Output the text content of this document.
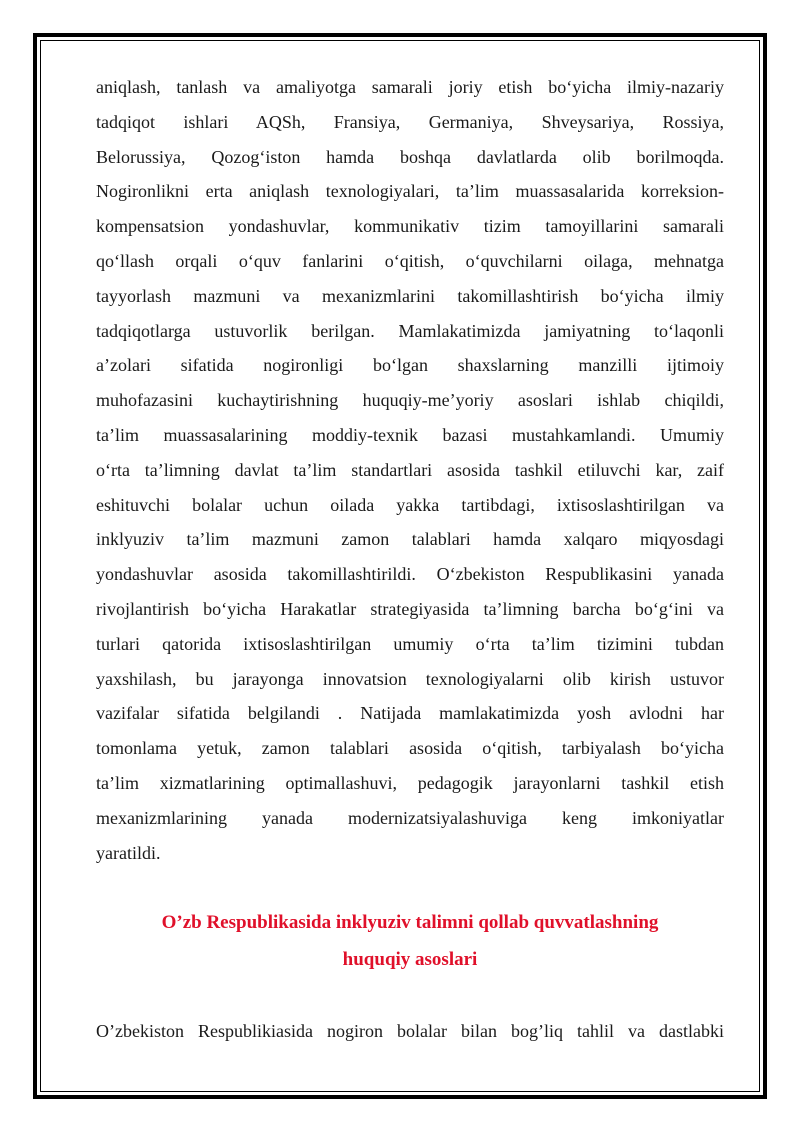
aniqlash, tanlash va amaliyotga samarali joriy etish bo‘yicha ilmiy-nazariy
tadqiqot ishlari AQSh, Fransiya, Germaniya, Shveysariya, Rossiya,
Belorussiya, Qozog‘iston hamda boshqa davlatlarda olib borilmoqda.
Nogironlikni erta aniqlash texnologiyalari, ta’lim muassasalarida korreksion-
kompensatsion yondashuvlar, kommunikativ tizim tamoyillarini samarali
qo‘llash orqali o‘quv fanlarini o‘qitish, o‘quvchilarni oilaga, mehnatga
tayyorlash mazmuni va mexanizmlarini takomillashtirish bo‘yicha ilmiy
tadqiqotlarga ustuvorlik berilgan. Mamlakatimizda jamiyatning to‘laqonli
a’zolari sifatida nogironligi bo‘lgan shaxslarning manzilli ijtimoiy
muhofazasini kuchaytirishning huquqiy-me’yoriy asoslari ishlab chiqildi,
ta’lim muassasalarining moddiy-texnik bazasi mustahkamlandi. Umumiy
o‘rta ta’limning davlat ta’lim standartlari asosida tashkil etiluvchi kar, zaif
eshituvchi bolalar uchun oilada yakka tartibdagi, ixtisoslashtirilgan va
inklyuziv ta’lim mazmuni zamon talablari hamda xalqaro miqyosdagi
yondashuvlar asosida takomillashtirildi. O‘zbekiston Respublikasini yanada
rivojlantirish bo‘yicha Harakatlar strategiyasida ta’limning barcha bo‘g‘ini va
turlari qatorida ixtisoslashtirilgan umumiy o‘rta ta’lim tizimini tubdan
yaxshilash, bu jarayonga innovatsion texnologiyalarni olib kirish ustuvor
vazifalar sifatida belgilandi . Natijada mamlakatimizda yosh avlodni har
tomonlama yetuk, zamon talablari asosida o‘qitish, tarbiyalash bo‘yicha
ta’lim xizmatlarining optimallashuvi, pedagogik jarayonlarni tashkil etish
mexanizmlarining yanada modernizatsiyalashuviga keng imkoniyatlar
yaratildi.
O’zb Respublikasida inklyuziv talimni qollab quvvatlashning
huquqiy asoslari
O’zbekiston Respublikiasida nogiron bolalar bilan bog’liq tahlil va dastlabki
